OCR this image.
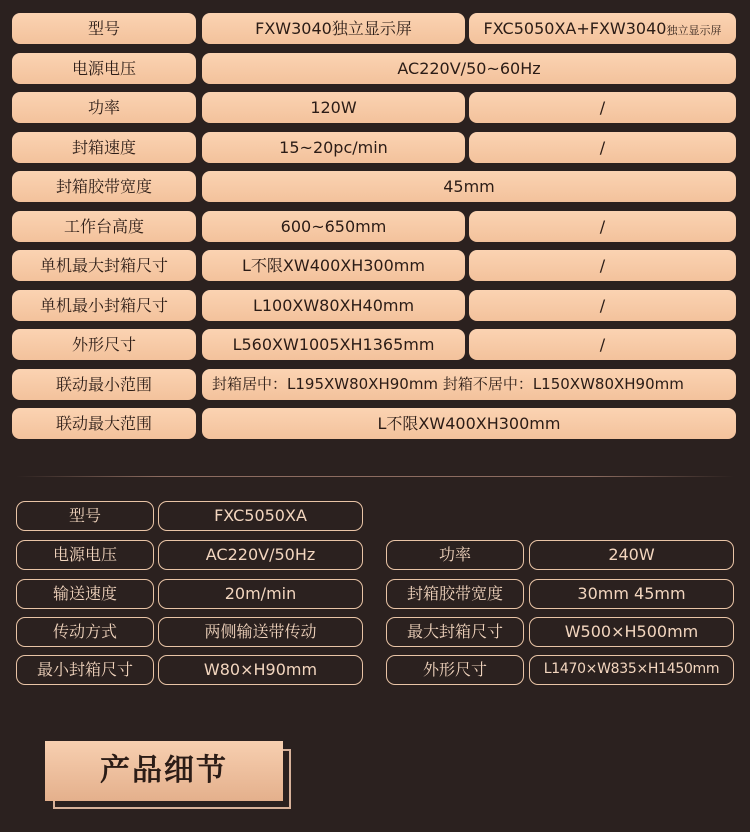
型号	FXW3040独立显示屏	FXC5050XA+FXW3040独立显示屏
电源电压	AC220V/50~60Hz
功率	120W	/
封箱速度	15~20pc/min	/
封箱胶带宽度	45mm
工作台高度	600~650mm	/
单机最大封箱尺寸	L不限XW400XH300mm	/
单机最小封箱尺寸	L100XW80XH40mm	/
外形尺寸	L560XW1005XH1365mm	/
联动最小范围	封箱居中：L195XW80XH90mm 封箱不居中：L150XW80XH90mm
联动最大范围	L不限XW400XH300mm
型号	FXC5050XA
电源电压	AC220V/50Hz	功率	240W
输送速度	20m/min	封箱胶带宽度	30mm 45mm
传动方式	两侧输送带传动	最大封箱尺寸	W500×H500mm
最小封箱尺寸	W80×H90mm	外形尺寸	L1470×W835×H1450mm
产品细节
